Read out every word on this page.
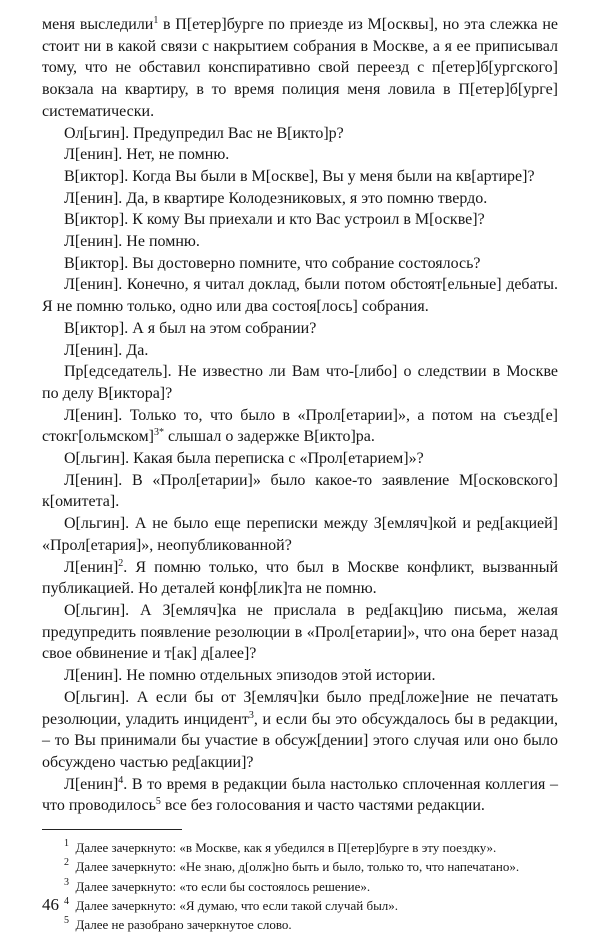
меня выследили$^1$ в П[етер]бурге по приезде из М[осквы], но эта слежка не стоит ни в какой связи с накрытием собрания в Москве, а я ее приписывал тому, что не обставил конспиративно свой переезд с п[етер]б[ургского] вокзала на квартиру, в то время полиция меня ловила в П[етер]б[урге] систематически.

Ол[ьгин]. Предупредил Вас не В[икто]р?

Л[енин]. Нет, не помню.

В[иктор]. Когда Вы были в М[оскве], Вы у меня были на кв[артире]?

Л[енин]. Да, в квартире Колодезниковых, я это помню твердо.

В[иктор]. К кому Вы приехали и кто Вас устроил в М[оскве]?

Л[енин]. Не помню.

В[иктор]. Вы достоверно помните, что собрание состоялось?

Л[енин]. Конечно, я читал доклад, были потом обстоят[ельные] дебаты. Я не помню только, одно или два состоя[лось] собрания.

В[иктор]. А я был на этом собрании?

Л[енин]. Да.

Пр[едседатель]. Не известно ли Вам что-[либо] о следствии в Москве по делу В[иктора]?

Л[енин]. Только то, что было в «Прол[етарии]», а потом на съезд[е] стокг[ольмском]$^{3*}$ слышал о задержке В[икто]ра.

О[льгин]. Какая была переписка с «Прол[етарием]»?

Л[енин]. В «Прол[етарии]» было какое-то заявление М[осковского] к[омитета].

О[льгин]. А не было еще переписки между З[емляч]кой и ред[акцией] «Прол[етария]», неопубликованной?

Л[енин]$^2$. Я помню только, что был в Москве конфликт, вызванный публикацией. Но деталей конф[лик]та не помню.

О[льгин]. А З[емляч]ка не прислала в ред[акц]ию письма, желая предупредить появление резолюции в «Прол[етарии]», что она берет назад свое обвинение и т[ак] д[алее]?

Л[енин]. Не помню отдельных эпизодов этой истории.

О[льгин]. А если бы от З[емляч]ки было пред[ложе]ние не печатать резолюции, уладить инцидент$^3$, и если бы это обсуждалось бы в редакции, – то Вы принимали бы участие в обсуж[дении] этого случая или оно было обсуждено частью ред[акции]?

Л[енин]$^4$. В то время в редакции была настолько сплоченная коллегия – что проводилось$^5$ все без голосования и часто частями редакции.

$^1$  Далее зачеркнуто: «в Москве, как я убедился в П[етер]бурге в эту поездку».

$^2$  Далее зачеркнуто: «Не знаю, д[олж]но быть и было, только то, что напечатано».

$^3$  Далее зачеркнуто: «то если бы состоялось решение».

$^4$  Далее зачеркнуто: «Я думаю, что если такой случай был».

$^5$  Далее не разобрано зачеркнутое слово.

46
